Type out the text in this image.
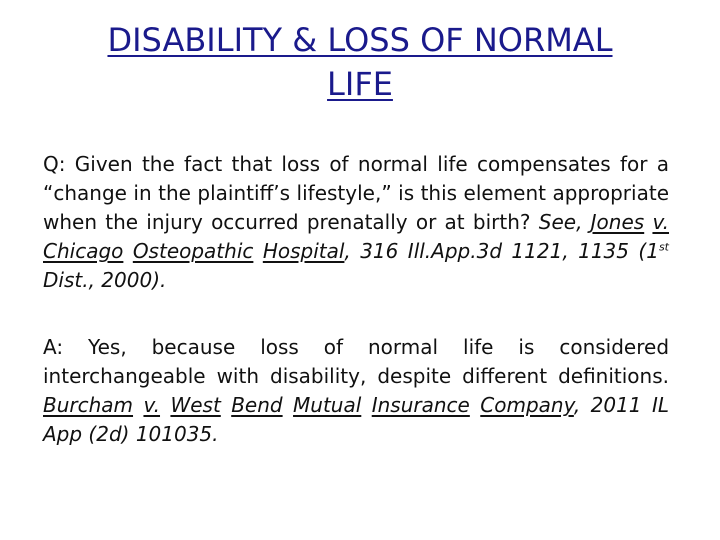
DISABILITY & LOSS OF NORMAL
LIFE

Q: Given the fact that loss of normal life compensates for a “change in the plaintiff’s lifestyle,” is this element appropriate when the injury occurred prenatally or at birth? See, Jones v. Chicago Osteopathic Hospital, 316 Ill.App.3d 1121, 1135 (1st Dist., 2000).

A: Yes, because loss of normal life is considered interchangeable with disability, despite different definitions. Burcham v. West Bend Mutual Insurance Company, 2011 IL App (2d) 101035.
